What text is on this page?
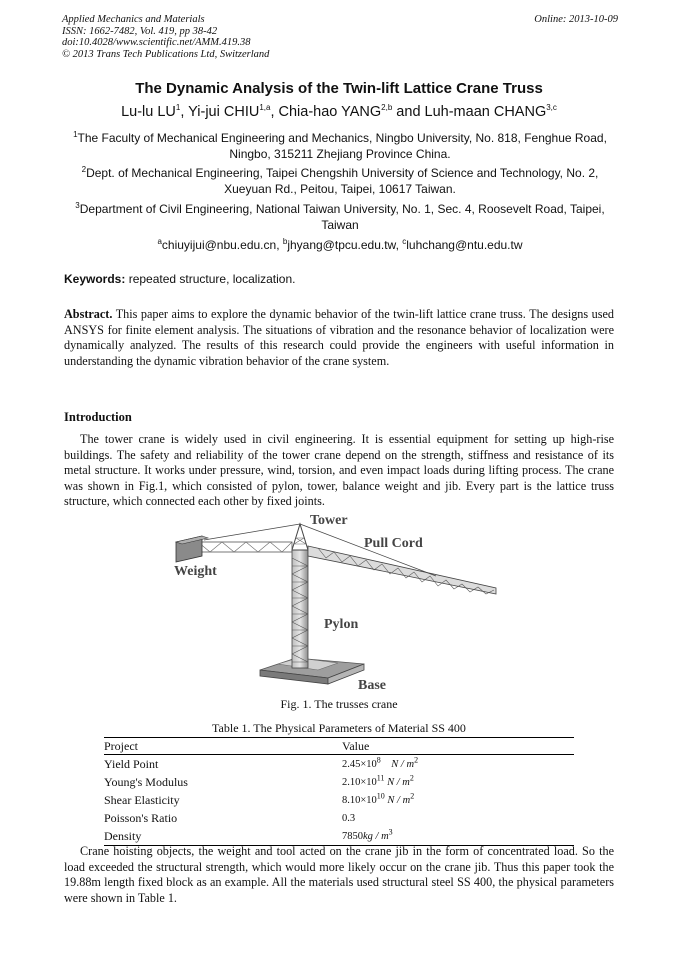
Applied Mechanics and Materials
ISSN: 1662-7482, Vol. 419, pp 38-42
doi:10.4028/www.scientific.net/AMM.419.38
© 2013 Trans Tech Publications Ltd, Switzerland
Online: 2013-10-09
The Dynamic Analysis of the Twin-lift Lattice Crane Truss
Lu-lu $LU^1$, Yi-jui CHIU$^{1,a}$, Chia-hao YANG$^{2,b}$ and Luh-maan CHANG$^{3,c}$
$^1$The Faculty of Mechanical Engineering and Mechanics, Ningbo University, No. 818, Fenghue Road, Ningbo, 315211 Zhejiang Province China.
$^2$Dept. of Mechanical Engineering, Taipei Chengshih University of Science and Technology, No. 2, Xueyuan Rd., Peitou, Taipei, 10617 Taiwan.
$^3$Department of Civil Engineering, National Taiwan University, No. 1, Sec. 4, Roosevelt Road, Taipei, Taiwan
$^a$chiuyijui@nbu.edu.cn, $^b$jhyang@tpcu.edu.tw, $^c$luhchang@ntu.edu.tw
Keywords: repeated structure, localization.
Abstract. This paper aims to explore the dynamic behavior of the twin-lift lattice crane truss. The designs used ANSYS for finite element analysis. The situations of vibration and the resonance behavior of localization were dynamically analyzed. The results of this research could provide the engineers with useful information in understanding the dynamic vibration behavior of the crane system.
Introduction
The tower crane is widely used in civil engineering. It is essential equipment for setting up high-rise buildings. The safety and reliability of the tower crane depend on the strength, stiffness and resistance of its metal structure. It works under pressure, wind, torsion, and even impact loads during lifting process. The crane was shown in Fig.1, which consisted of pylon, tower, balance weight and jib. Every part is the lattice truss structure, which connected each other by fixed joints.
Tower
Pull Cord
Weight
Pylon
Base
Fig. 1. The trusses crane
Table 1. The Physical Parameters of Material SS 400
Project	Value
Yield Point	$2.45\times 10^8$ N / $m^2$
Young's Modulus	$2.10\times 10^{11}$ N / $m^2$
Shear Elasticity	$8.10\times 10^{10}$ N / $m^2$
Poisson's Ratio	0.3
Density	$7850kg / m^3$
Crane hoisting objects, the weight and tool acted on the crane jib in the form of concentrated load. So the load exceeded the structural strength, which would more likely occur on the crane jib. Thus this paper took the 19.88m length fixed block as an example. All the materials used structural steel SS 400, the physical parameters were shown in Table 1.
